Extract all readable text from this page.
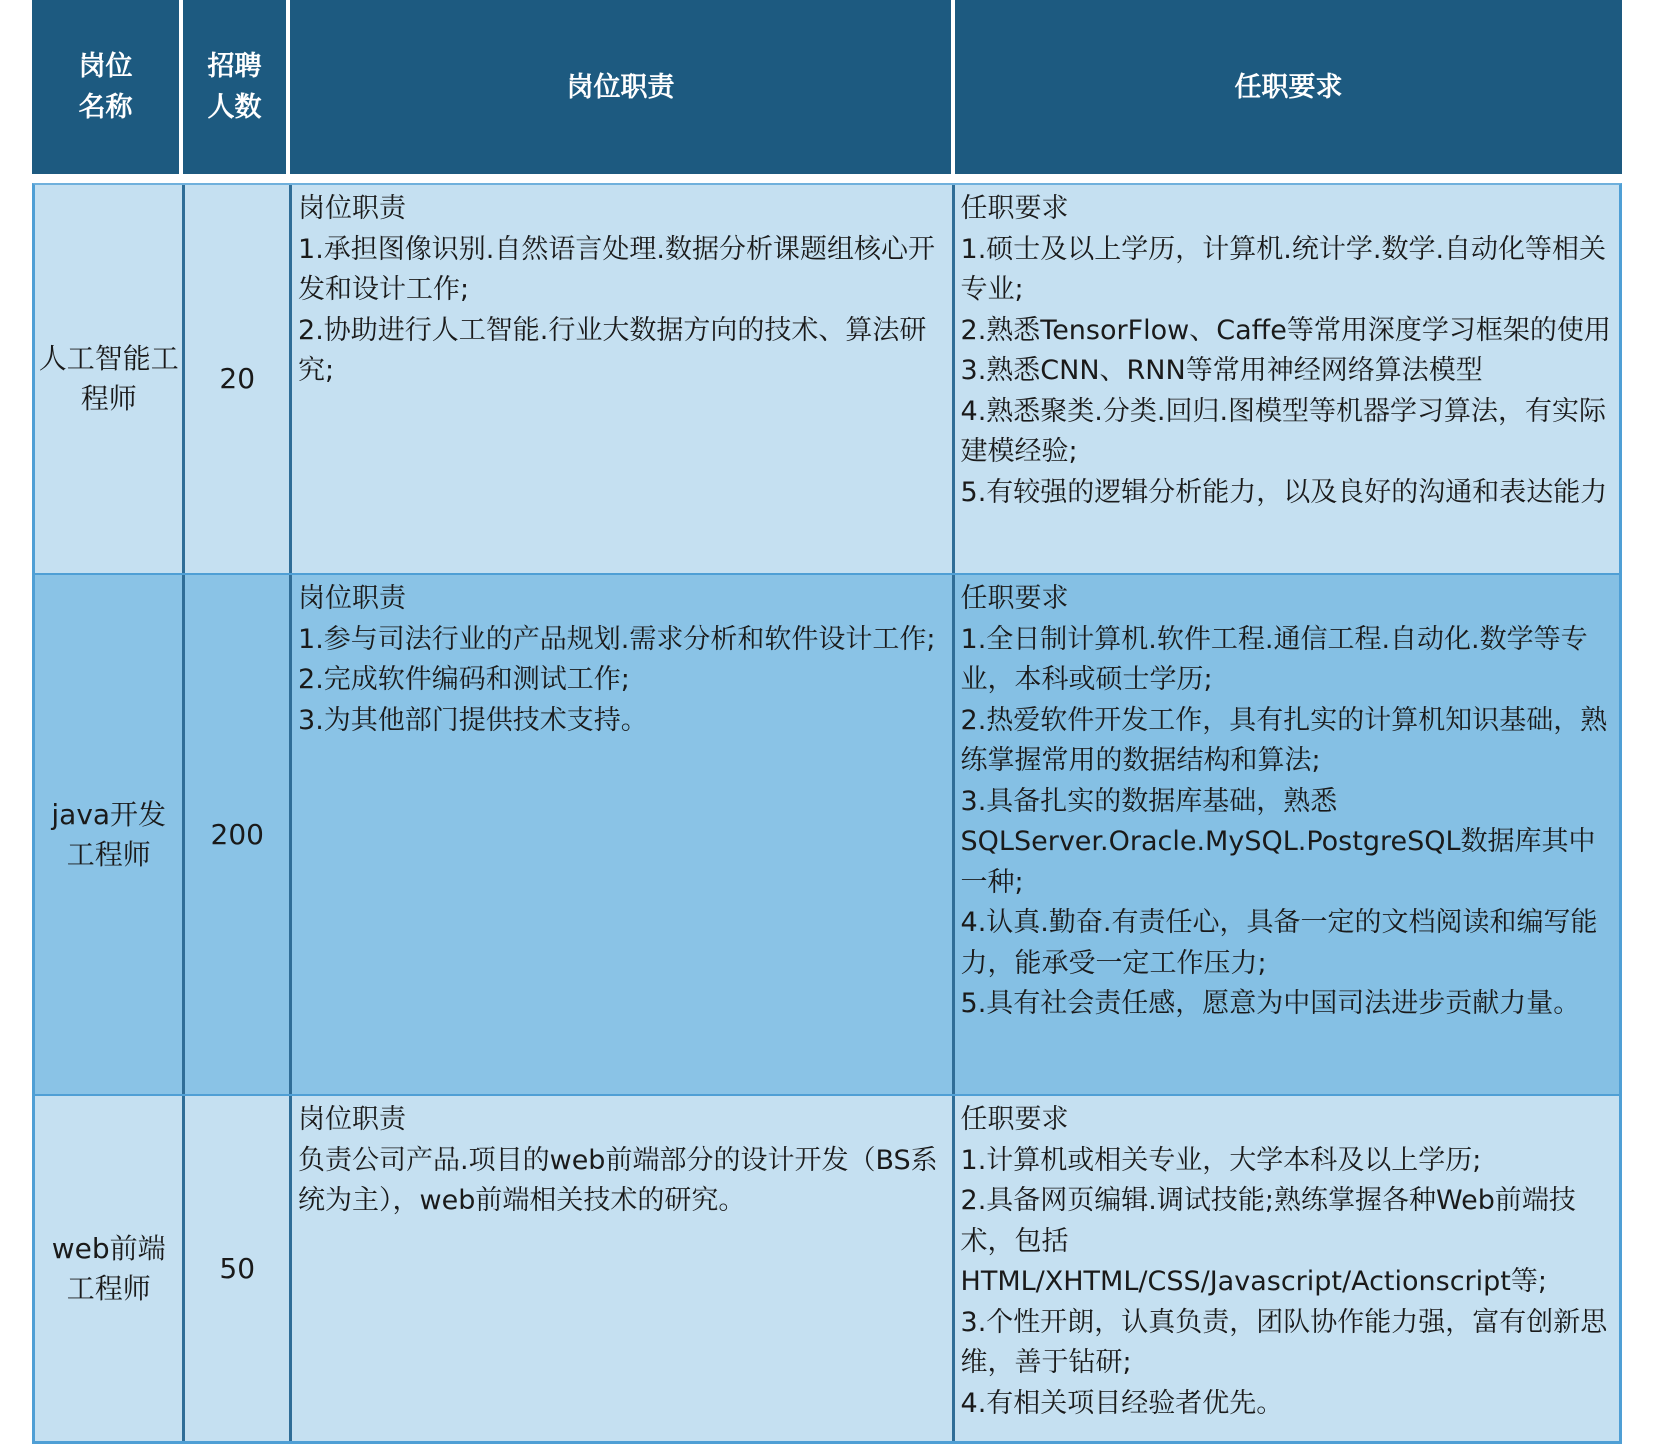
岗位名称
招聘人数
岗位职责	任职要求
人工智能工程师
20
岗位职责
1.承担图像识别.自然语言处理.数据分析课题组核心开发和设计工作;
2.协助进行人工智能.行业大数据方向的技术、算法研究;
任职要求
1.硕士及以上学历，计算机.统计学.数学.自动化等相关专业;
2.熟悉TensorFlow、Caffe等常用深度学习框架的使用
3.熟悉CNN、RNN等常用神经网络算法模型
4.熟悉聚类.分类.回归.图模型等机器学习算法，有实际建模经验;
5.有较强的逻辑分析能力，以及良好的沟通和表达能力
java开发工程师
200
岗位职责
1.参与司法行业的产品规划.需求分析和软件设计工作;
2.完成软件编码和测试工作;
3.为其他部门提供技术支持。
任职要求
1.全日制计算机.软件工程.通信工程.自动化.数学等专业，本科或硕士学历;
2.热爱软件开发工作，具有扎实的计算机知识基础，熟练掌握常用的数据结构和算法;
3.具备扎实的数据库基础，熟悉SQLServer.Oracle.MySQL.PostgreSQL数据库其中一种;
4.认真.勤奋.有责任心，具备一定的文档阅读和编写能力，能承受一定工作压力;
5.具有社会责任感，愿意为中国司法进步贡献力量。
web前端工程师
50
岗位职责
负责公司产品.项目的web前端部分的设计开发（BS系统为主），web前端相关技术的研究。
任职要求
1.计算机或相关专业，大学本科及以上学历;
2.具备网页编辑.调试技能;熟练掌握各种Web前端技术，包括HTML/XHTML/CSS/Javascript/Actionscript等;
3.个性开朗，认真负责，团队协作能力强，富有创新思维，善于钻研;
4.有相关项目经验者优先。
